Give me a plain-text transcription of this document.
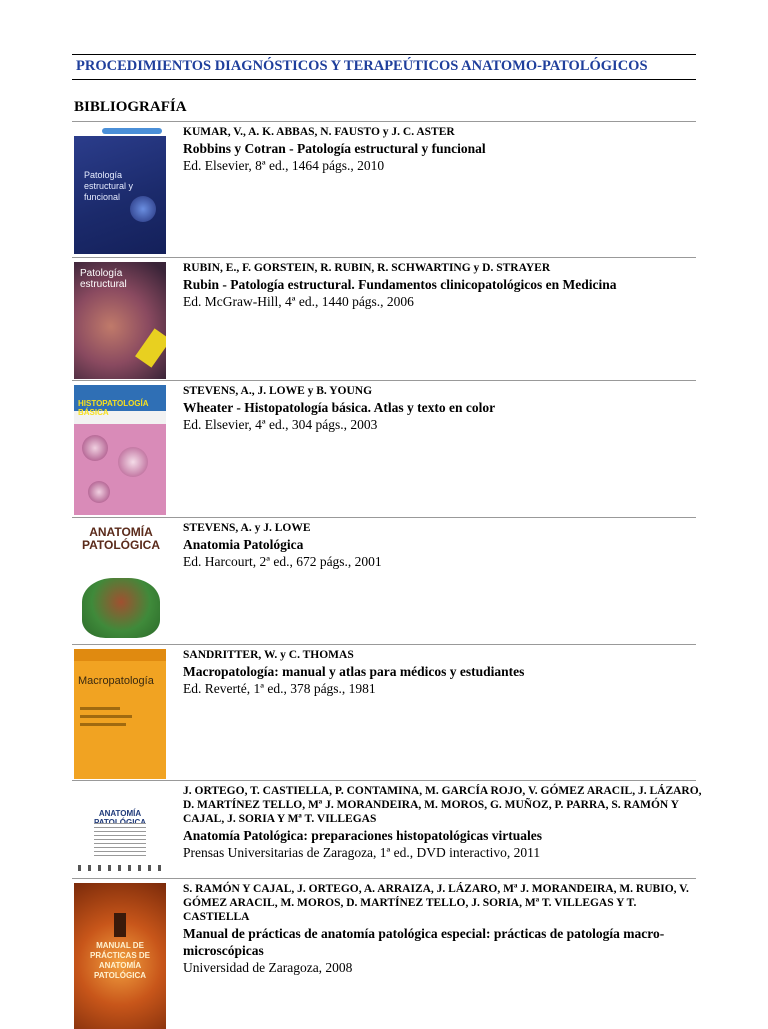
PROCEDIMIENTOS DIAGNÓSTICOS Y TERAPEÚTICOS ANATOMO-PATOLÓGICOS
BIBLIOGRAFÍA
Patología estructural y funcional
KUMAR, V., A. K. ABBAS, N. FAUSTO y J. C. ASTER
Robbins y Cotran - Patología estructural y funcional
Ed. Elsevier, 8ª ed., 1464 págs., 2010
Patología estructural
RUBIN, E., F. GORSTEIN, R. RUBIN, R. SCHWARTING y D. STRAYER
Rubin - Patología estructural. Fundamentos clinicopatológicos en Medicina
Ed. McGraw-Hill, 4ª ed., 1440 págs., 2006
HISTOPATOLOGÍA BÁSICA
STEVENS, A., J. LOWE y B. YOUNG
Wheater - Histopatología básica. Atlas y texto en color
Ed. Elsevier, 4ª ed., 304 págs., 2003
ANATOMÍA PATOLÓGICA
STEVENS, A. y J. LOWE
Anatomia Patológica
Ed. Harcourt, 2ª ed., 672 págs., 2001
Macropatología
SANDRITTER, W. y C. THOMAS
Macropatología: manual y atlas para médicos y estudiantes
Ed. Reverté, 1ª ed., 378 págs., 1981
ANATOMÍA
J. ORTEGO, T. CASTIELLA, P. CONTAMINA, M. GARCÍA ROJO, V. GÓMEZ ARACIL, J. LÁZARO, D. MARTÍNEZ TELLO, Mª J. MORANDEIRA, M. MOROS, G. MUÑOZ, P. PARRA, S. RAMÓN Y CAJAL, J. SORIA Y Mª T. VILLEGAS
Anatomía Patológica: preparaciones histopatológicas virtuales
Prensas Universitarias de Zaragoza, 1ª ed., DVD interactivo, 2011
MANUAL DE PRÁCTICAS DE ANATOMÍA PATOLÓGICA
S. RAMÓN Y CAJAL, J. ORTEGO, A. ARRAIZA, J. LÁZARO, Mª J. MORANDEIRA, M. RUBIO, V. GÓMEZ ARACIL, M. MOROS, D. MARTÍNEZ TELLO, J. SORIA, Mª T. VILLEGAS Y T. CASTIELLA
Manual de prácticas de anatomía patológica especial: prácticas de patología macro-microscópicas
Universidad de Zaragoza, 2008
